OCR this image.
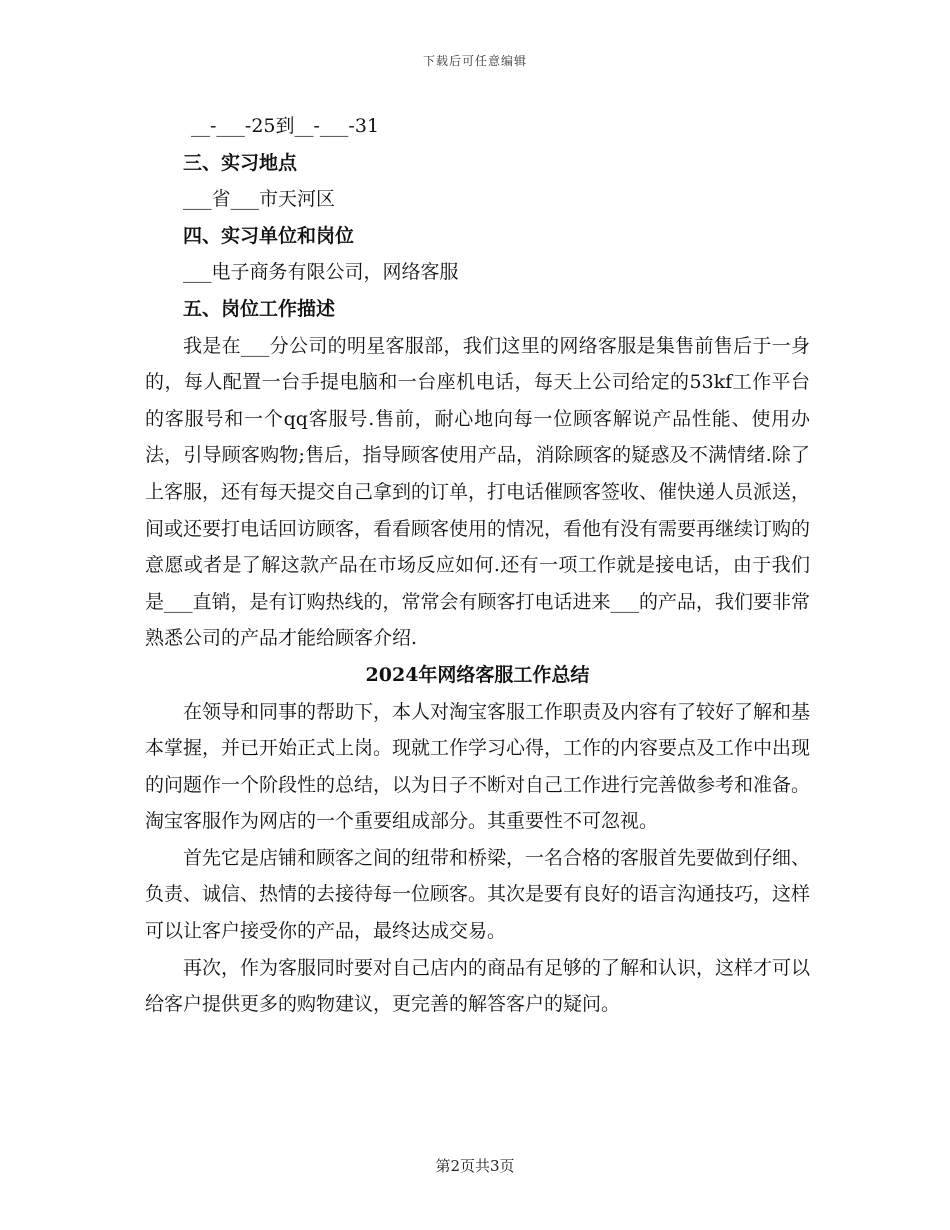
下载后可任意编辑

__-___-25到__-___-31

三、实习地点

___省___市天河区

四、实习单位和岗位

___电子商务有限公司，网络客服

五、岗位工作描述

我是在___分公司的明星客服部，我们这里的网络客服是集售前售后于一身的，每人配置一台手提电脑和一台座机电话，每天上公司给定的53kf工作平台的客服号和一个qq客服号.售前，耐心地向每一位顾客解说产品性能、使用办法，引导顾客购物;售后，指导顾客使用产品，消除顾客的疑惑及不满情绪.除了上客服，还有每天提交自己拿到的订单，打电话催顾客签收、催快递人员派送，间或还要打电话回访顾客，看看顾客使用的情况，看他有没有需要再继续订购的意愿或者是了解这款产品在市场反应如何.还有一项工作就是接电话，由于我们是___直销，是有订购热线的，常常会有顾客打电话进来___的产品，我们要非常熟悉公司的产品才能给顾客介绍.

2024年网络客服工作总结

在领导和同事的帮助下，本人对淘宝客服工作职责及内容有了较好了解和基本掌握，并已开始正式上岗。现就工作学习心得，工作的内容要点及工作中出现的问题作一个阶段性的总结，以为日子不断对自己工作进行完善做参考和准备。淘宝客服作为网店的一个重要组成部分。其重要性不可忽视。

首先它是店铺和顾客之间的纽带和桥梁，一名合格的客服首先要做到仔细、负责、诚信、热情的去接待每一位顾客。其次是要有良好的语言沟通技巧，这样可以让客户接受你的产品，最终达成交易。

再次，作为客服同时要对自己店内的商品有足够的了解和认识，这样才可以给客户提供更多的购物建议，更完善的解答客户的疑问。

第2页共3页
